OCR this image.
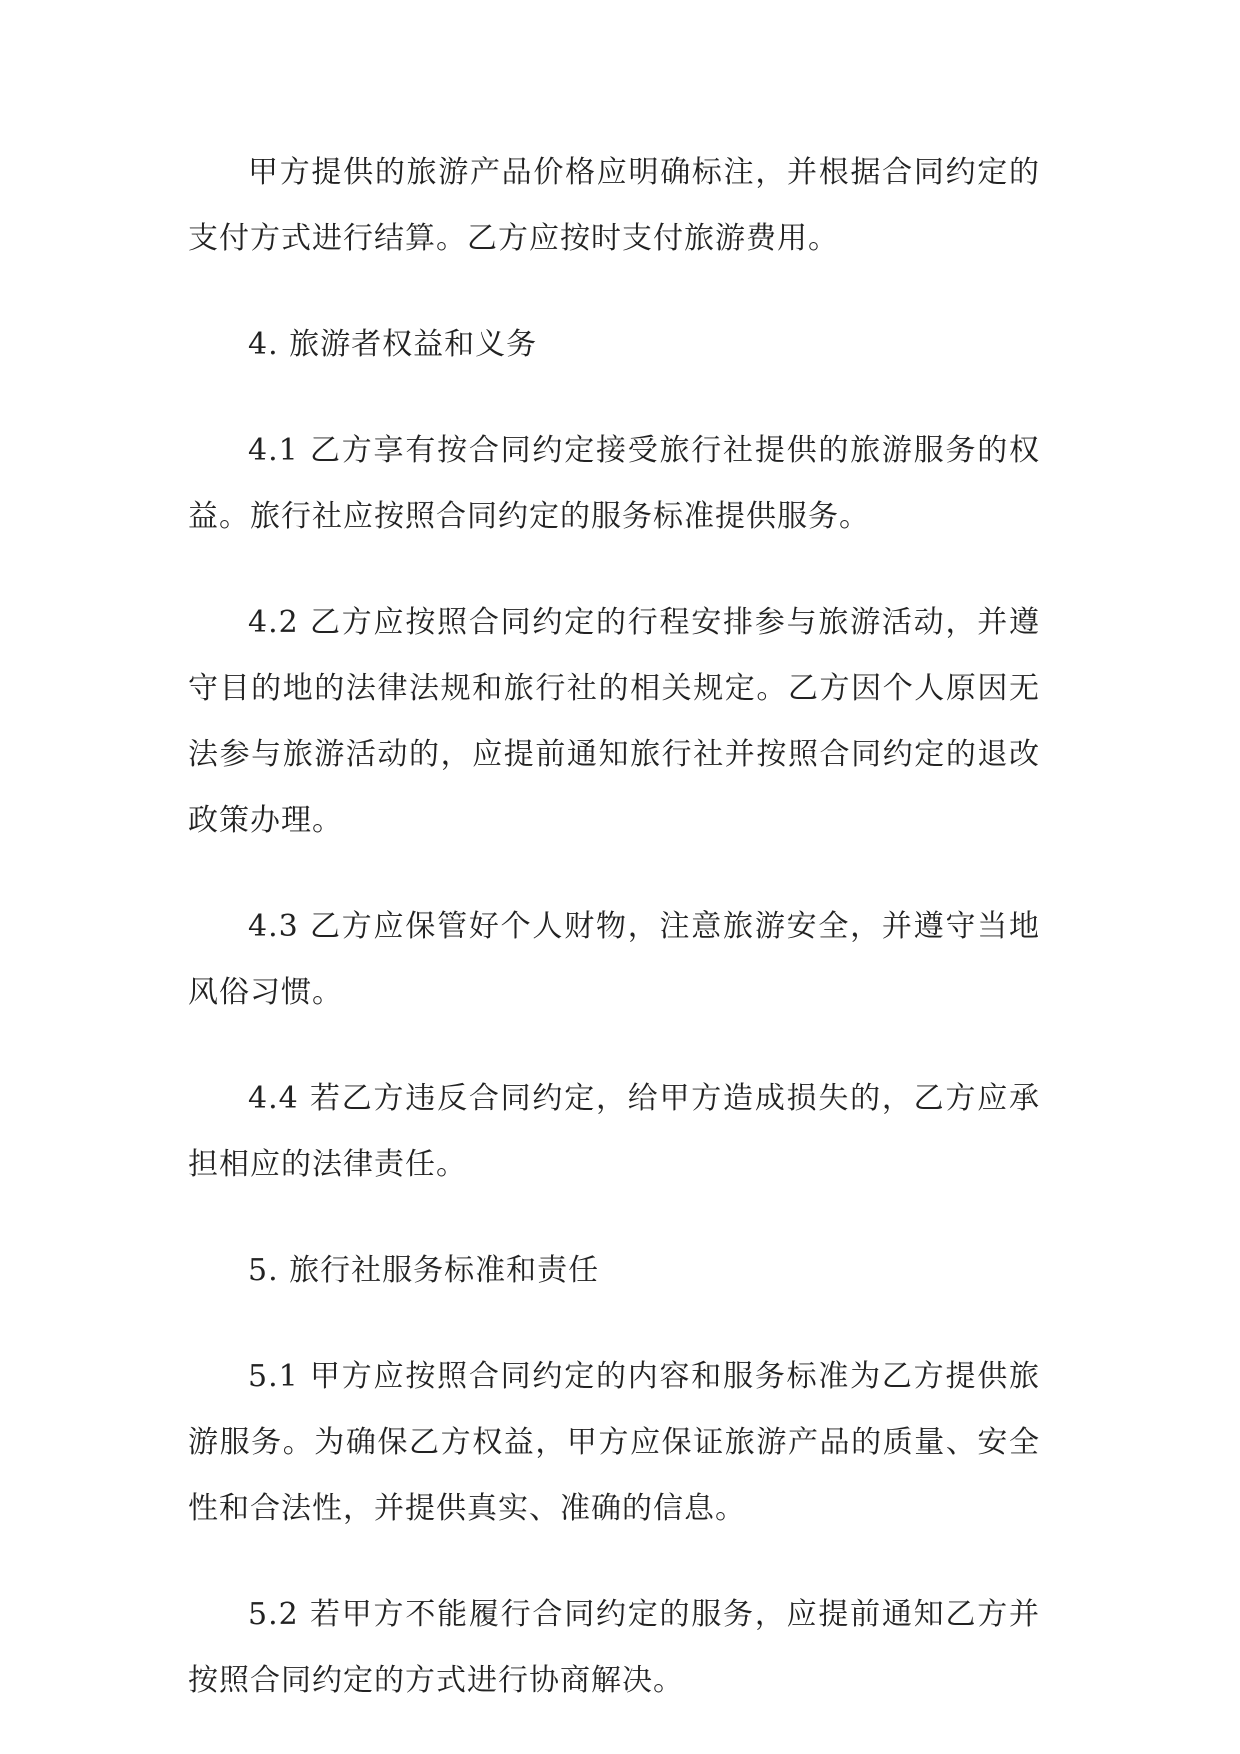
甲方提供的旅游产品价格应明确标注，并根据合同约定的支付方式进行结算。乙方应按时支付旅游费用。

4. 旅游者权益和义务

4.1 乙方享有按合同约定接受旅行社提供的旅游服务的权益。旅行社应按照合同约定的服务标准提供服务。

4.2 乙方应按照合同约定的行程安排参与旅游活动，并遵守目的地的法律法规和旅行社的相关规定。乙方因个人原因无法参与旅游活动的，应提前通知旅行社并按照合同约定的退改政策办理。

4.3 乙方应保管好个人财物，注意旅游安全，并遵守当地风俗习惯。

4.4 若乙方违反合同约定，给甲方造成损失的，乙方应承担相应的法律责任。

5. 旅行社服务标准和责任

5.1 甲方应按照合同约定的内容和服务标准为乙方提供旅游服务。为确保乙方权益，甲方应保证旅游产品的质量、安全性和合法性，并提供真实、准确的信息。

5.2 若甲方不能履行合同约定的服务，应提前通知乙方并按照合同约定的方式进行协商解决。
